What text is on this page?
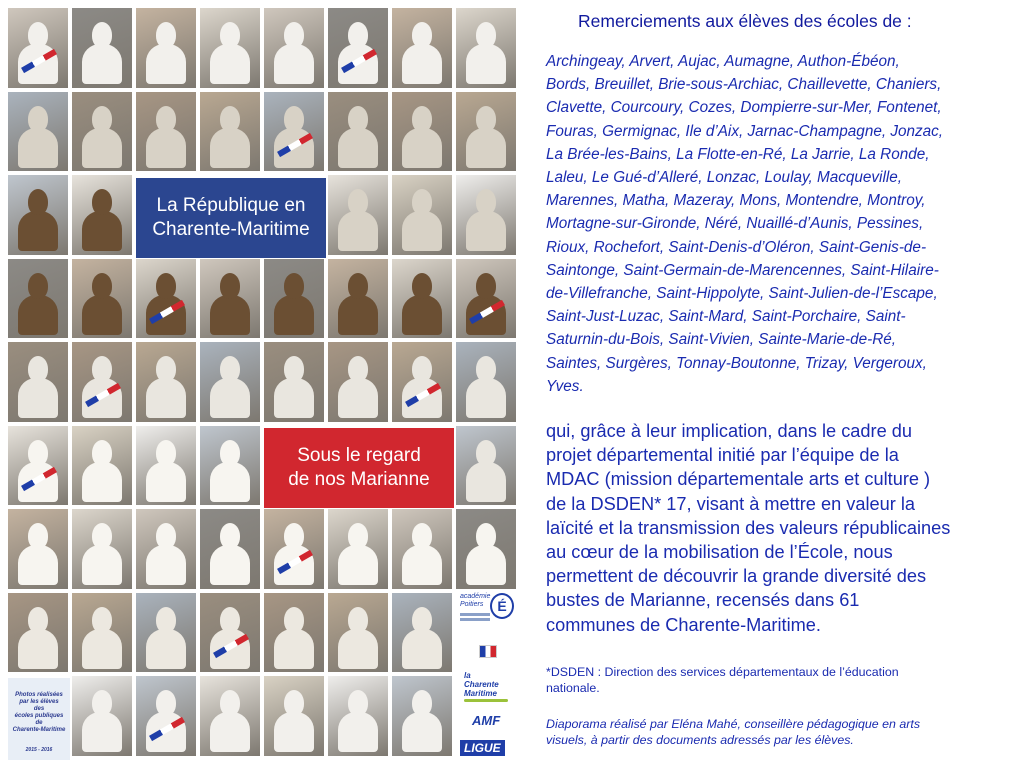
La République en
Charente-Maritime
Sous le regard
de nos Marianne
Photos réalisées
par les élèves
des
écoles publiques
de
Charente-Maritime
2015 - 2016
académie
Poitiers É
la
Charente
Maritime
AMF
LIGUE
Remerciements aux élèves des écoles de :
Archingeay, Arvert, Aujac, Aumagne, Authon-Ébéon,
Bords, Breuillet, Brie-sous-Archiac, Chaillevette, Chaniers,
Clavette, Courcoury, Cozes, Dompierre-sur-Mer, Fontenet,
Fouras, Germignac, Ile d’Aix, Jarnac-Champagne, Jonzac,
La Brée-les-Bains, La Flotte-en-Ré, La Jarrie, La Ronde,
Laleu, Le Gué-d’Alleré, Lonzac, Loulay, Macqueville,
Marennes, Matha, Mazeray, Mons, Montendre, Montroy,
Mortagne-sur-Gironde, Néré, Nuaillé-d’Aunis, Pessines,
Rioux, Rochefort, Saint-Denis-d’Oléron, Saint-Genis-de-
Saintonge, Saint-Germain-de-Marencennes, Saint-Hilaire-
de-Villefranche, Saint-Hippolyte, Saint-Julien-de-l’Escape,
Saint-Just-Luzac, Saint-Mard, Saint-Porchaire, Saint-
Saturnin-du-Bois, Saint-Vivien, Sainte-Marie-de-Ré,
Saintes, Surgères, Tonnay-Boutonne, Trizay, Vergeroux,
Yves.
qui, grâce à leur implication, dans le cadre du
projet départemental initié par l’équipe de la
MDAC (mission départementale arts et culture )
de la DSDEN* 17, visant à mettre en valeur la
laïcité et la transmission des valeurs républicaines
au cœur de la mobilisation de l’École, nous
permettent de découvrir la grande diversité des
bustes de Marianne, recensés dans 61
communes de Charente-Maritime.
*DSDEN : Direction des services départementaux de l’éducation
nationale.
Diaporama réalisé par Eléna Mahé, conseillère pédagogique en arts
visuels, à partir des documents adressés par les élèves.
